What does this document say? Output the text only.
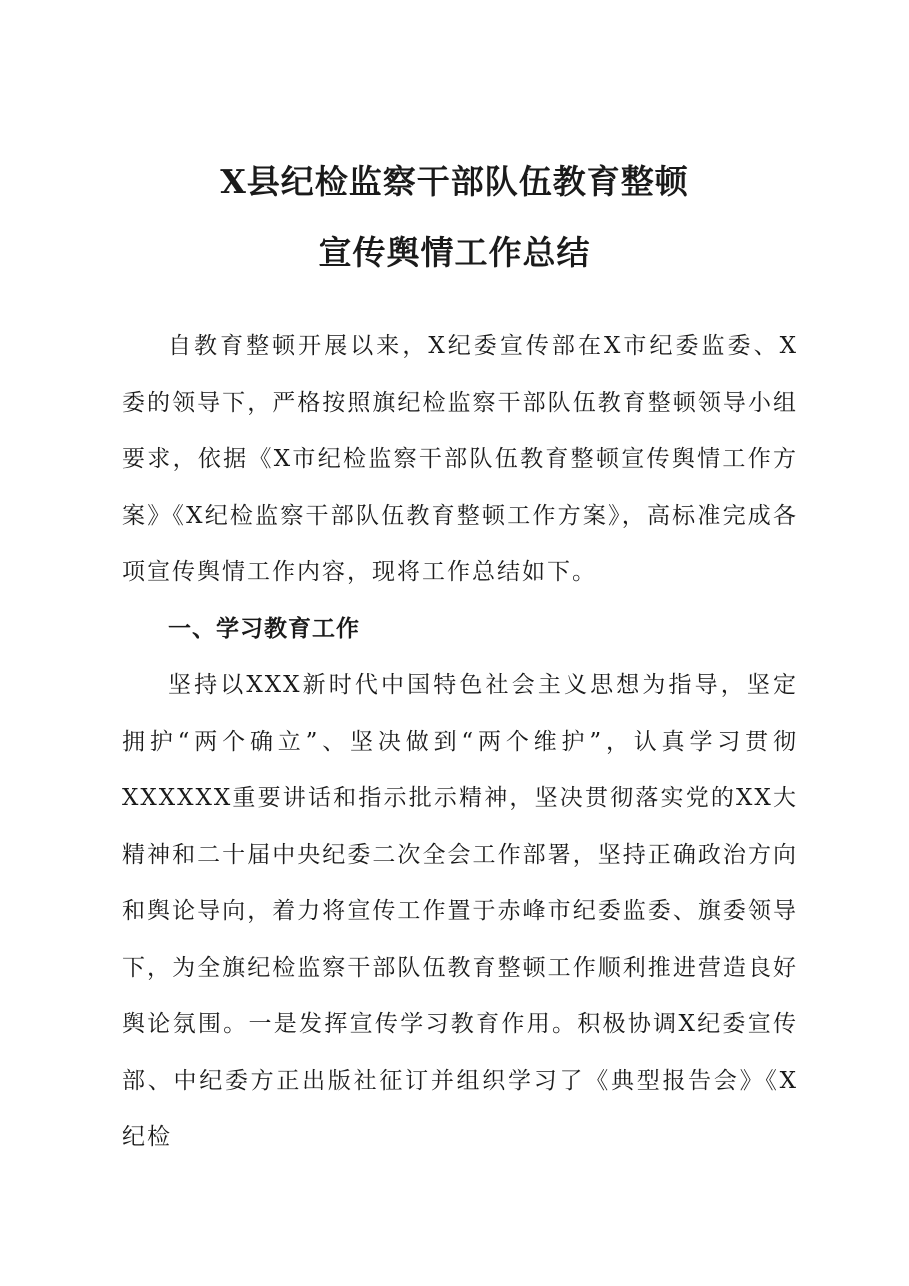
X县纪检监察干部队伍教育整顿
宣传舆情工作总结

自教育整顿开展以来，X纪委宣传部在X市纪委监委、X委的领导下，严格按照旗纪检监察干部队伍教育整顿领导小组要求，依据《X市纪检监察干部队伍教育整顿宣传舆情工作方案》《X纪检监察干部队伍教育整顿工作方案》，高标准完成各项宣传舆情工作内容，现将工作总结如下。

一、学习教育工作

坚持以XXX新时代中国特色社会主义思想为指导，坚定拥护“两个确立”、坚决做到“两个维护”，认真学习贯彻XXXXXX重要讲话和指示批示精神，坚决贯彻落实党的XX大精神和二十届中央纪委二次全会工作部署，坚持正确政治方向和舆论导向，着力将宣传工作置于赤峰市纪委监委、旗委领导下，为全旗纪检监察干部队伍教育整顿工作顺利推进营造良好舆论氛围。一是发挥宣传学习教育作用。积极协调X纪委宣传部、中纪委方正出版社征订并组织学习了《典型报告会》《X纪检
